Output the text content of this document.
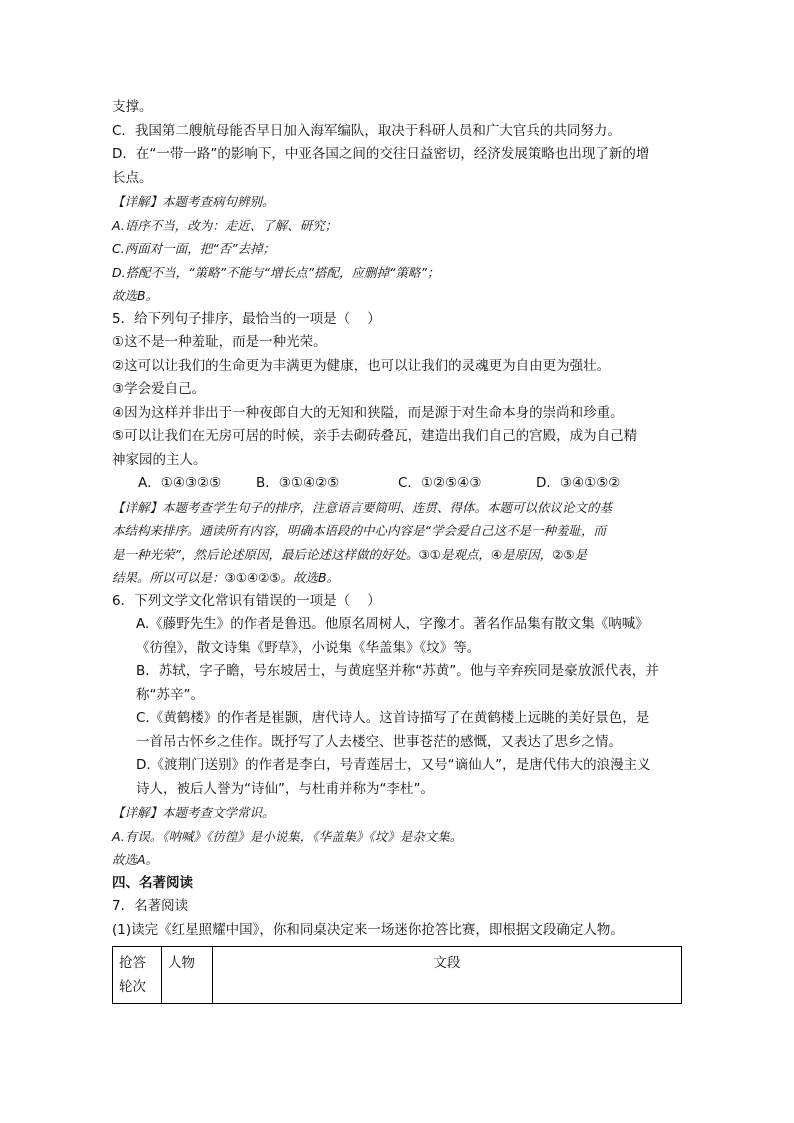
支撑。

C．我国第二艘航母能否早日加入海军编队，取决于科研人员和广大官兵的共同努力。

D．在“一带一路”的影响下，中亚各国之间的交往日益密切，经济发展策略也出现了新的增

长点。

【详解】本题考查病句辨别。

A.语序不当，改为：走近、了解、研究；

C.两面对一面，把“否”去掉；

D.搭配不当，“策略”不能与“增长点”搭配，应删掉“策略”；

故选B。

5．给下列句子排序，最恰当的一项是（    ）

①这不是一种羞耻，而是一种光荣。

②这可以让我们的生命更为丰满更为健康，也可以让我们的灵魂更为自由更为强壮。

③学会爱自己。

④因为这样并非出于一种夜郎自大的无知和狭隘，而是源于对生命本身的崇尚和珍重。

⑤可以让我们在无房可居的时候，亲手去砌砖叠瓦，建造出我们自己的宫殿，成为自己精

神家园的主人。

A．①④③②⑤	B．③①④②⑤	C．①②⑤④③	D．③④①⑤②

【详解】本题考查学生句子的排序，注意语言要简明、连贯、得体。本题可以依议论文的基

本结构来排序。通读所有内容，明确本语段的中心内容是“学会爱自己这不是一种羞耻，而

是一种光荣”，然后论述原因，最后论述这样做的好处。③①是观点，④是原因，②⑤是

结果。所以可以是：③①④②⑤。故选B。

6．下列文学文化常识有错误的一项是（    ）

A.《藤野先生》的作者是鲁迅。他原名周树人，字豫才。著名作品集有散文集《呐喊》

《彷徨》，散文诗集《野草》，小说集《华盖集》《坟》等。

B．苏轼，字子瞻，号东坡居士，与黄庭坚并称“苏黄”。他与辛弃疾同是豪放派代表，并

称“苏辛”。

C.《黄鹤楼》的作者是崔颢，唐代诗人。这首诗描写了在黄鹤楼上远眺的美好景色，是

一首吊古怀乡之佳作。既抒写了人去楼空、世事苍茫的感慨，又表达了思乡之情。

D.《渡荆门送别》的作者是李白，号青莲居士，又号“谪仙人”，是唐代伟大的浪漫主义

诗人，被后人誉为“诗仙”，与杜甫并称为“李杜”。

【详解】本题考查文学常识。

A.有误。《呐喊》《彷徨》是小说集，《华盖集》《坟》是杂文集。

故选A。

四、名著阅读

7．名著阅读

(1)读完《红星照耀中国》，你和同桌决定来一场迷你抢答比赛，即根据文段确定人物。

抢答轮次	人物	文段
